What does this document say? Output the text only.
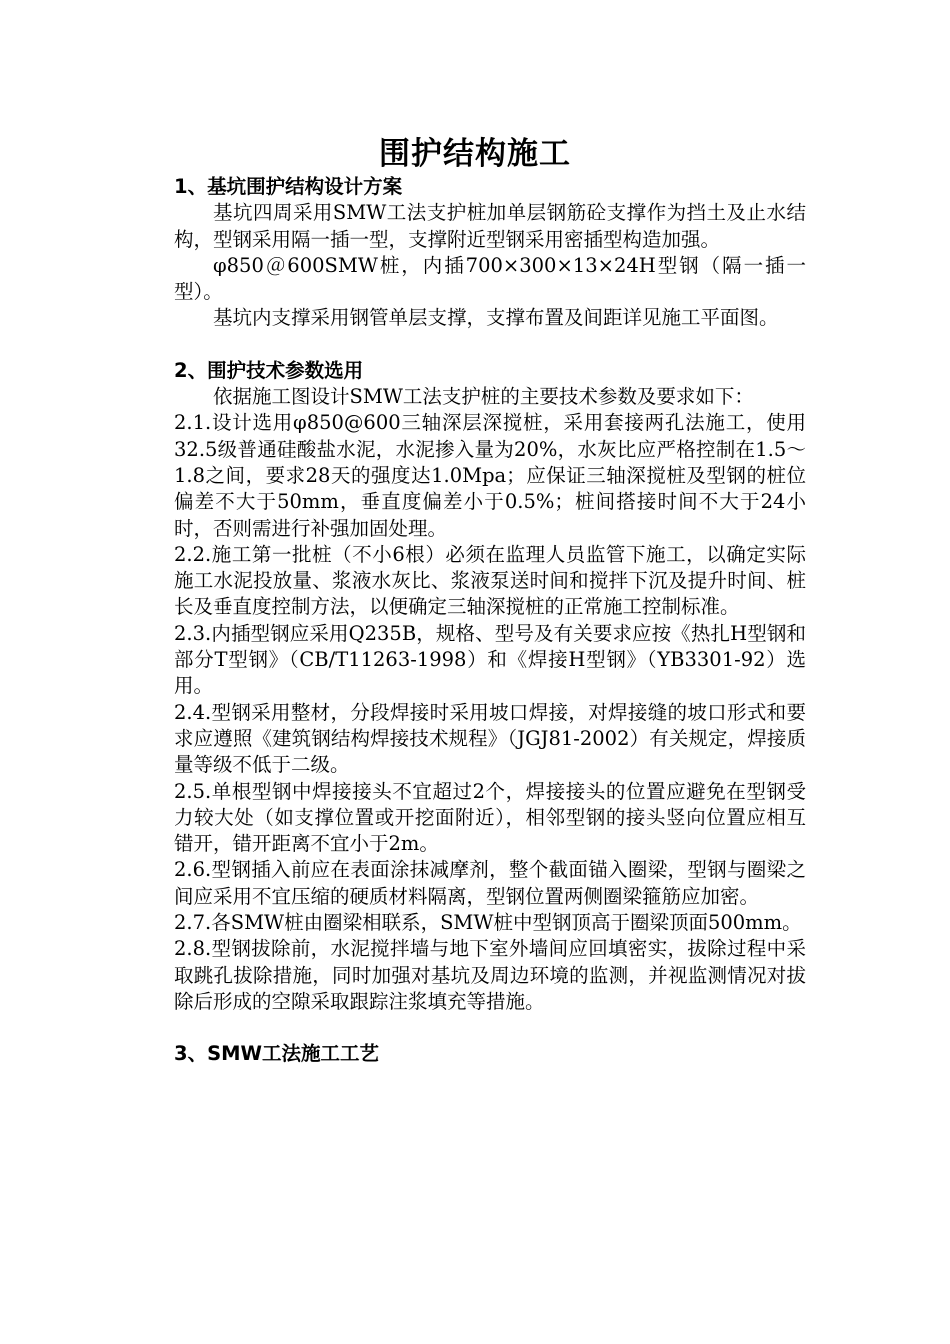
围护结构施工

1、基坑围护结构设计方案

基坑四周采用SMW工法支护桩加单层钢筋砼支撑作为挡土及止水结构，型钢采用隔一插一型，支撑附近型钢采用密插型构造加强。

φ850＠600SMW桩，内插700×300×13×24H型钢（隔一插一型）。

基坑内支撑采用钢管单层支撑，支撑布置及间距详见施工平面图。

2、围护技术参数选用

依据施工图设计SMW工法支护桩的主要技术参数及要求如下：

2.1.设计选用φ850@600三轴深层深搅桩，采用套接两孔法施工，使用32.5级普通硅酸盐水泥，水泥掺入量为20%，水灰比应严格控制在1.5～1.8之间，要求28天的强度达1.0Mpa；应保证三轴深搅桩及型钢的桩位偏差不大于50mm，垂直度偏差小于0.5%；桩间搭接时间不大于24小时，否则需进行补强加固处理。

2.2.施工第一批桩（不小6根）必须在监理人员监管下施工，以确定实际施工水泥投放量、浆液水灰比、浆液泵送时间和搅拌下沉及提升时间、桩长及垂直度控制方法，以便确定三轴深搅桩的正常施工控制标准。

2.3.内插型钢应采用Q235B，规格、型号及有关要求应按《热扎H型钢和部分T型钢》（CB/T11263-1998）和《焊接H型钢》（YB3301-92）选用。

2.4.型钢采用整材，分段焊接时采用坡口焊接，对焊接缝的坡口形式和要求应遵照《建筑钢结构焊接技术规程》（JGJ81-2002）有关规定，焊接质量等级不低于二级。

2.5.单根型钢中焊接接头不宜超过2个，焊接接头的位置应避免在型钢受力较大处（如支撑位置或开挖面附近），相邻型钢的接头竖向位置应相互错开，错开距离不宜小于2m。

2.6.型钢插入前应在表面涂抹减摩剂，整个截面锚入圈梁，型钢与圈梁之间应采用不宜压缩的硬质材料隔离，型钢位置两侧圈梁箍筋应加密。

2.7.各SMW桩由圈梁相联系，SMW桩中型钢顶高于圈梁顶面500mm。

2.8.型钢拔除前，水泥搅拌墙与地下室外墙间应回填密实，拔除过程中采取跳孔拔除措施，同时加强对基坑及周边环境的监测，并视监测情况对拔除后形成的空隙采取跟踪注浆填充等措施。

3、SMW工法施工工艺
